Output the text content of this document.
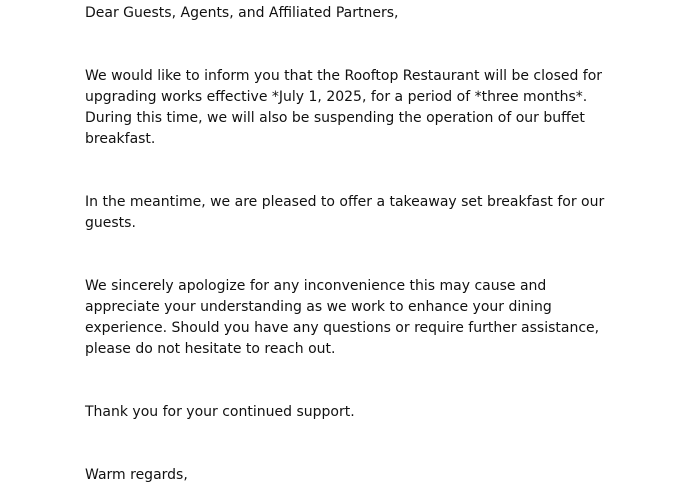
Dear Guests, Agents, and Affiliated Partners,

We would like to inform you that the Rooftop Restaurant will be closed for upgrading works effective *July 1, 2025, for a period of *three months*. During this time, we will also be suspending the operation of our buffet breakfast.

In the meantime, we are pleased to offer a takeaway set breakfast for our guests.

We sincerely apologize for any inconvenience this may cause and appreciate your understanding as we work to enhance your dining experience. Should you have any questions or require further assistance, please do not hesitate to reach out.

Thank you for your continued support.

Warm regards,
